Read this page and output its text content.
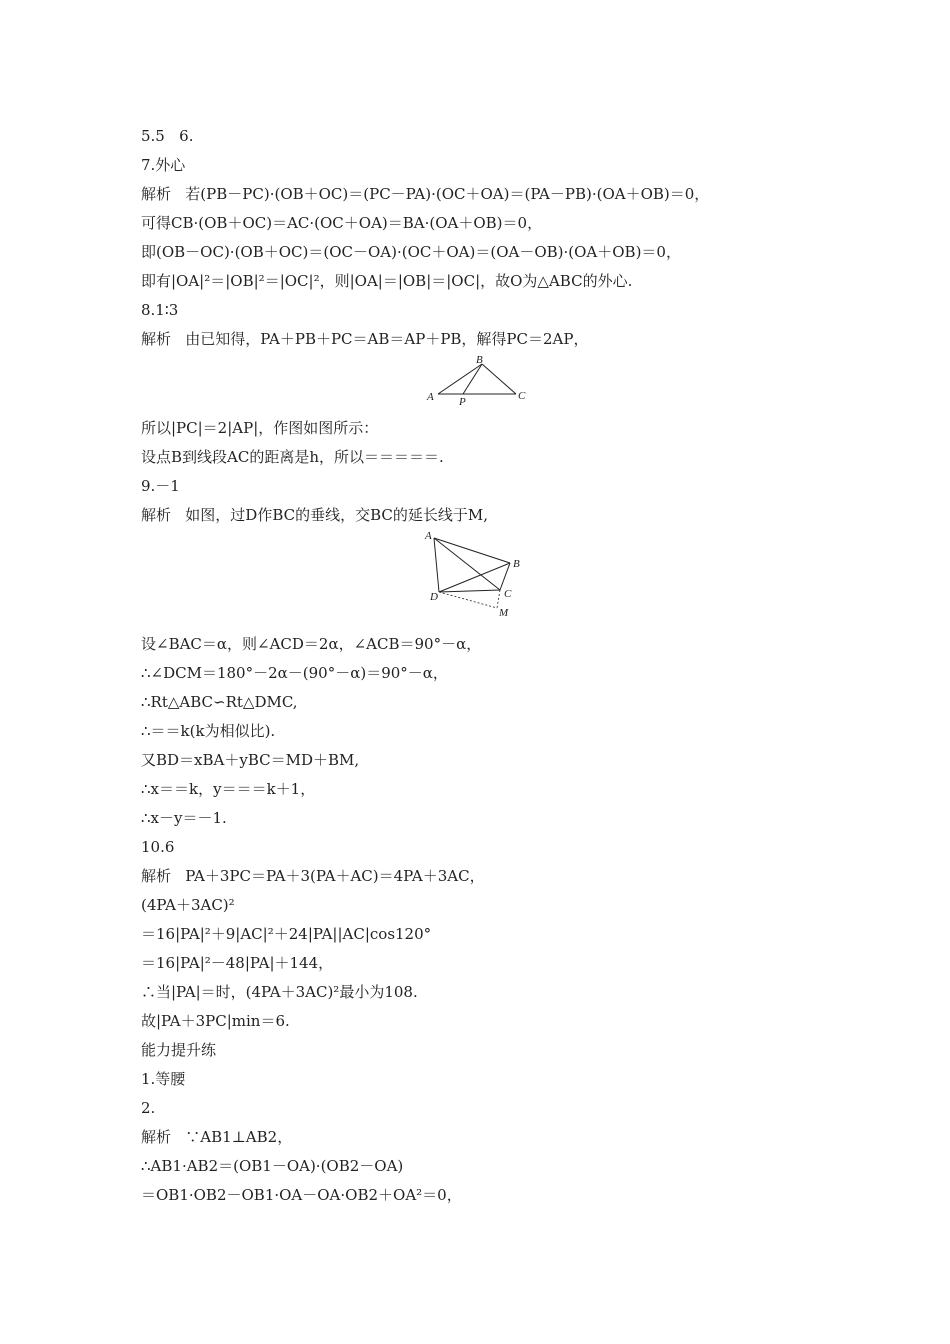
5.5   6.
7.外心
解析   若(PB－PC)·(OB＋OC)＝(PC－PA)·(OC＋OA)＝(PA－PB)·(OA＋OB)＝0，
可得CB·(OB＋OC)＝AC·(OC＋OA)＝BA·(OA＋OB)＝0，
即(OB－OC)·(OB＋OC)＝(OC－OA)·(OC＋OA)＝(OA－OB)·(OA＋OB)＝0，
即有|OA|²＝|OB|²＝|OC|²，则|OA|＝|OB|＝|OC|，故O为△ABC的外心.
8.1∶3
解析   由已知得，PA＋PB＋PC＝AB＝AP＋PB，解得PC＝2AP，
B
A P	C
所以|PC|＝2|AP|，作图如图所示：
设点B到线段AC的距离是h，所以＝＝＝＝＝.
9.－1
解析   如图，过D作BC的垂线，交BC的延长线于M,
A
B
C
D
M
设∠BAC＝α，则∠ACD＝2α，∠ACB＝90°－α，
∴∠DCM＝180°－2α－(90°－α)＝90°－α，
∴Rt△ABC∽Rt△DMC,
∴＝＝k(k为相似比).
又BD＝xBA＋yBC＝MD＋BM,
∴x＝＝k，y＝＝＝k＋1，
∴x－y＝－1.
10.6
解析   PA＋3PC＝PA＋3(PA＋AC)＝4PA＋3AC，
(4PA＋3AC)²
＝16|PA|²＋9|AC|²＋24|PA||AC|cos120°
＝16|PA|²－48|PA|＋144，
∴当|PA|＝时，(4PA＋3AC)²最小为108.
故|PA＋3PC|min＝6.
能力提升练
1.等腰
2.
解析   ∵AB1⊥AB2，
∴AB1·AB2＝(OB1－OA)·(OB2－OA)
＝OB1·OB2－OB1·OA－OA·OB2＋OA²＝0，
